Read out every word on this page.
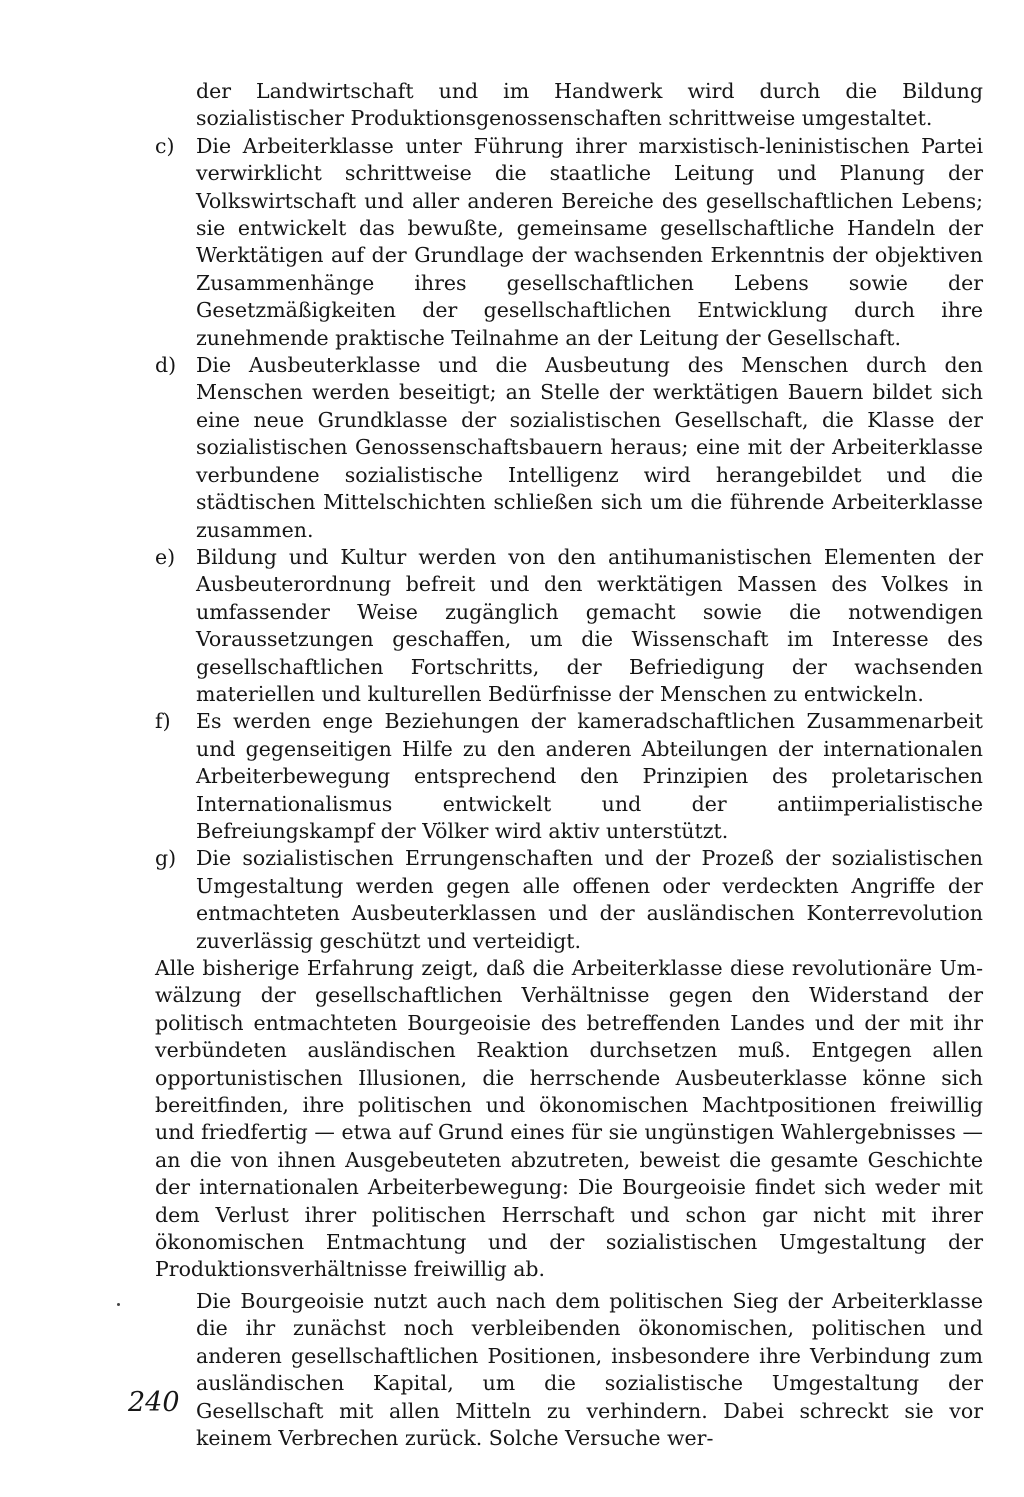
der Landwirtschaft und im Handwerk wird durch die Bildung sozialistischer Produktionsgenossenschaften schrittweise umgestaltet.

c)	Die Arbeiterklasse unter Führung ihrer marxistisch-leninistischen Partei verwirklicht schrittweise die staatliche Leitung und Planung der Volkswirtschaft und aller anderen Bereiche des gesellschaftlichen Lebens; sie entwickelt das bewußte, gemeinsame gesellschaftliche Handeln der Werktätigen auf der Grundlage der wachsenden Erkenntnis der objektiven Zusammenhänge ihres gesellschaftlichen Lebens sowie der Gesetzmäßigkeiten der gesellschaftlichen Entwicklung durch ihre zunehmende praktische Teilnahme an der Leitung der Gesellschaft.
d) Die Ausbeuterklasse und die Ausbeutung des Menschen durch den Menschen werden beseitigt; an Stelle der werktätigen Bauern bildet sich eine neue Grundklasse der sozialistischen Gesellschaft, die Klasse der sozialistischen Genossenschaftsbauern heraus; eine mit der Arbeiterklasse verbundene sozialistische Intelligenz wird herangebildet und die städtischen Mittelschichten schließen sich um die führende Arbeiterklasse zusammen.
e)	Bildung und Kultur werden von den antihumanistischen Elementen der Ausbeuterordnung befreit und den werktätigen Massen des Volkes in umfassender Weise zugänglich gemacht sowie die notwendigen Voraussetzungen geschaffen, um die Wissenschaft im Interesse des gesellschaftlichen Fortschritts, der Befriedigung der wachsenden materiellen und kulturellen Bedürfnisse der Menschen zu entwickeln.
f)	Es werden enge Beziehungen der kameradschaftlichen Zusammenarbeit und gegenseitigen Hilfe zu den anderen Abteilungen der internationalen Arbeiterbewegung entsprechend den Prinzipien des proletarischen Internationalismus entwickelt und der antiimperialistische Befreiungskampf der Völker wird aktiv unterstützt.
g) Die sozialistischen Errungenschaften und der Prozeß der sozialistischen Umgestaltung werden gegen alle offenen oder verdeckten Angriffe der entmachteten Ausbeuterklassen und der ausländischen Konterrevolution zuverlässig geschützt und verteidigt.

Alle bisherige Erfahrung zeigt, daß die Arbeiterklasse diese revolutionäre Umwälzung der gesellschaftlichen Verhältnisse gegen den Widerstand der politisch entmachteten Bourgeoisie des betreffenden Landes und der mit ihr verbündeten ausländischen Reaktion durchsetzen muß. Entgegen allen opportunistischen Illusionen, die herrschende Ausbeuterklasse könne sich bereitfinden, ihre politischen und ökonomischen Machtpositionen freiwillig und friedfertig — etwa auf Grund eines für sie ungünstigen Wahlergebnisses — an die von ihnen Ausgebeuteten abzutreten, beweist die gesamte Geschichte der internationalen Arbeiterbewegung: Die Bourgeoisie findet sich weder mit dem Verlust ihrer politischen Herrschaft und schon gar nicht mit ihrer ökonomischen Entmachtung und der sozialistischen Umgestaltung der Produktionsverhältnisse freiwillig ab.

Die Bourgeoisie nutzt auch nach dem politischen Sieg der Arbeiterklasse die ihr zunächst noch verbleibenden ökonomischen, politischen und anderen gesellschaftlichen Positionen, insbesondere ihre Verbindung zum ausländischen Kapital, um die sozialistische Umgestaltung der Gesellschaft mit allen Mitteln zu verhindern. Dabei schreckt sie vor keinem Verbrechen zurück. Solche Versuche wer-

240
